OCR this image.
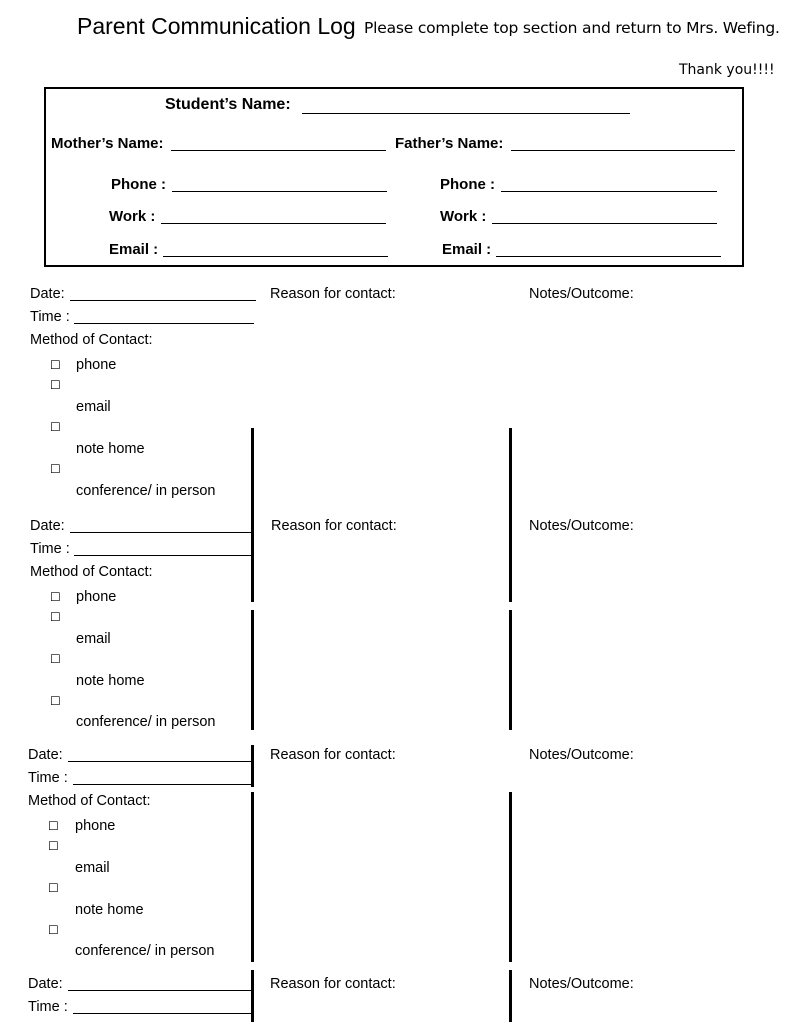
Parent Communication Log Please complete top section and return to Mrs. Wefing.
Thank you!!!!
Student’s Name:
Mother’s Name:	Father’s Name:
Phone :	Phone :
Work :	Work :
Email :	Email :
Date:
Time :
Method of Contact:
Reason for contact:	Notes/Outcome:
☐ phone
☐
email
☐
note home
☐
conference/ in person
Date:
Time :
Method of Contact:
Reason for contact:	Notes/Outcome:
☐ phone
☐
email
☐
note home
☐
conference/ in person
Date:
Time :
Method of Contact:
Reason for contact:	Notes/Outcome:
☐ phone
☐
email
☐
note home
☐
conference/ in person
Date:
Time :
Reason for contact:	Notes/Outcome:
